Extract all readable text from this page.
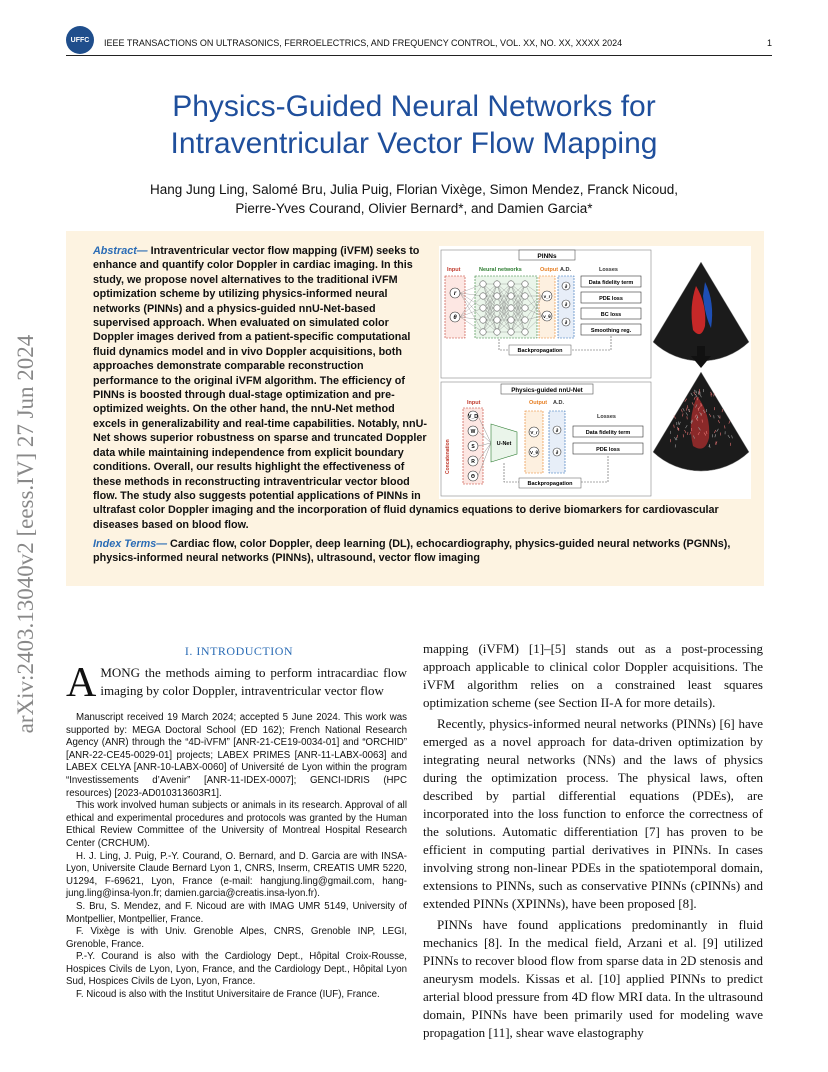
UFFC	IEEE TRANSACTIONS ON ULTRASONICS, FERROELECTRICS, AND FREQUENCY CONTROL, VOL. XX, NO. XX, XXXX 2024	1
arXiv:2403.13040v2 [eess.IV] 27 Jun 2024
Physics-Guided Neural Networks for
Intraventricular Vector Flow Mapping
Hang Jung Ling, Salomé Bru, Julia Puig, Florian Vixège, Simon Mendez, Franck Nicoud,
Pierre-Yves Courand, Olivier Bernard*, and Damien Garcia*
PINNs
Input	Neural networks	Output A.D.	Losses
r
θ
v_r
v_θ
∂
∂
∂
Data fidelity term
PDE loss
BC loss
Smoothing reg.
Backpropagation
Physics-guided nnU-Net
Input	Output A.D.
Losses
Concatenation
V_D
W
S
R
Θ
U-Net
V_r
V_θ
∂
∂
Data fidelity term
PDE loss
Backpropagation
Abstract— Intraventricular vector flow mapping (iVFM) seeks to enhance and quantify color Doppler in cardiac imaging. In this study, we propose novel alternatives to the traditional iVFM optimization scheme by utilizing physics-informed neural networks (PINNs) and a physics-guided nnU-Net-based supervised approach. When evaluated on simulated color Doppler images derived from a patient-specific computational fluid dynamics model and in vivo Doppler acquisitions, both approaches demonstrate comparable reconstruction performance to the original iVFM algorithm. The efficiency of PINNs is boosted through dual-stage optimization and pre-optimized weights. On the other hand, the nnU-Net method excels in generalizability and real-time capabilities. Notably, nnU-Net shows superior robustness on sparse and truncated Doppler data while maintaining independence from explicit boundary conditions. Overall, our results highlight the effectiveness of these methods in reconstructing intraventricular vector blood flow. The study also suggests potential applications of PINNs in ultrafast color Doppler imaging and the incorporation of fluid dynamics equations to derive biomarkers for cardiovascular diseases based on blood flow.
Index Terms— Cardiac flow, color Doppler, deep learning (DL), echocardiography, physics-guided neural networks (PGNNs), physics-informed neural networks (PINNs), ultrasound, vector flow imaging
I. INTRODUCTION
A MONG the methods aiming to perform intracardiac flow imaging by color Doppler, intraventricular vector flow

Manuscript received 19 March 2024; accepted 5 June 2024. This work was supported by: MEGA Doctoral School (ED 162); French National Research Agency (ANR) through the “4D-iVFM” [ANR-21-CE19-0034-01] and “ORCHID” [ANR-22-CE45-0029-01] projects; LABEX PRIMES [ANR-11-LABX-0063] and LABEX CELYA [ANR-10-LABX-0060] of Université de Lyon within the program “Investissements d’Avenir” [ANR-11-IDEX-0007]; GENCI-IDRIS (HPC resources) [2023-AD010313603R1].

This work involved human subjects or animals in its research. Approval of all ethical and experimental procedures and protocols was granted by the Human Ethical Review Committee of the University of Montreal Hospital Research Center (CRCHUM).

H. J. Ling, J. Puig, P.-Y. Courand, O. Bernard, and D. Garcia are with INSA-Lyon, Universite Claude Bernard Lyon 1, CNRS, Inserm, CREATIS UMR 5220, U1294, F-69621, Lyon, France (e-mail: hangjung.ling@gmail.com, hang-jung.ling@insa-lyon.fr; damien.garcia@creatis.insa-lyon.fr).

S. Bru, S. Mendez, and F. Nicoud are with IMAG UMR 5149, University of Montpellier, Montpellier, France.

F. Vixège is with Univ. Grenoble Alpes, CNRS, Grenoble INP, LEGI, Grenoble, France.

P.-Y. Courand is also with the Cardiology Dept., Hôpital Croix-Rousse, Hospices Civils de Lyon, Lyon, France, and the Cardiology Dept., Hôpital Lyon Sud, Hospices Civils de Lyon, Lyon, France.

F. Nicoud is also with the Institut Universitaire de France (IUF), France.

mapping (iVFM) [1]–[5] stands out as a post-processing approach applicable to clinical color Doppler acquisitions. The iVFM algorithm relies on a constrained least squares optimization scheme (see Section II-A for more details).

Recently, physics-informed neural networks (PINNs) [6] have emerged as a novel approach for data-driven optimization by integrating neural networks (NNs) and the laws of physics during the optimization process. The physical laws, often described by partial differential equations (PDEs), are incorporated into the loss function to enforce the correctness of the solutions. Automatic differentiation [7] has proven to be efficient in computing partial derivatives in PINNs. In cases involving strong non-linear PDEs in the spatiotemporal domain, extensions to PINNs, such as conservative PINNs (cPINNs) and extended PINNs (XPINNs), have been proposed [8].

PINNs have found applications predominantly in fluid mechanics [8]. In the medical field, Arzani et al. [9] utilized PINNs to recover blood flow from sparse data in 2D stenosis and aneurysm models. Kissas et al. [10] applied PINNs to predict arterial blood pressure from 4D flow MRI data. In the ultrasound domain, PINNs have been primarily used for modeling wave propagation [11], shear wave elastography
